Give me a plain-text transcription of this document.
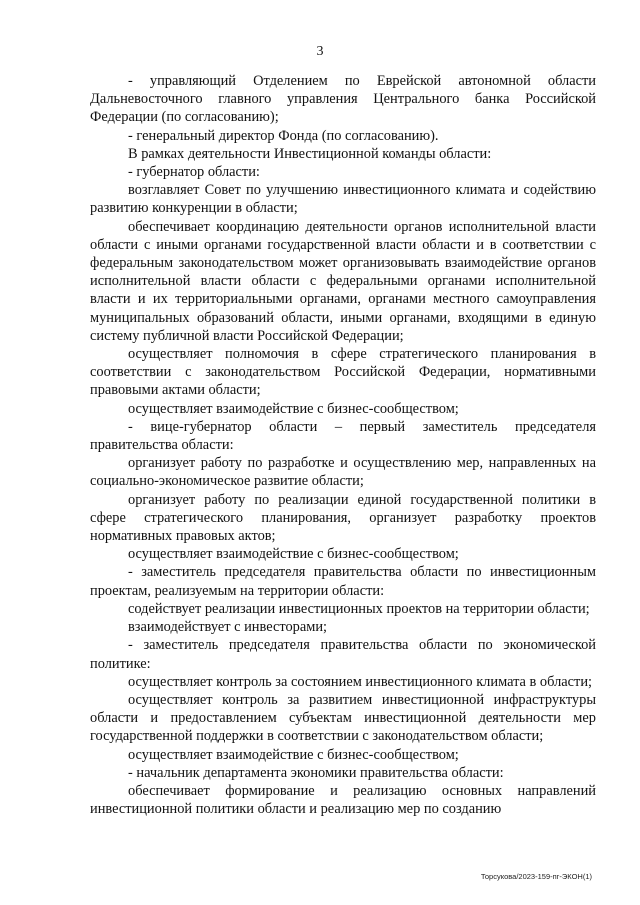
3

- управляющий Отделением по Еврейской автономной области Дальневосточного главного управления Центрального банка Российской Федерации (по согласованию);

- генеральный директор Фонда (по согласованию).

В рамках деятельности Инвестиционной команды области:

- губернатор области:

возглавляет Совет по улучшению инвестиционного климата и содействию развитию конкуренции в области;

обеспечивает координацию деятельности органов исполнительной власти области с иными органами государственной власти области и в соответствии с федеральным законодательством может организовывать взаимодействие органов исполнительной власти области с федеральными органами исполнительной власти и их территориальными органами, органами местного самоуправления муниципальных образований области, иными органами, входящими в единую систему публичной власти Российской Федерации;

осуществляет полномочия в сфере стратегического планирования в соответствии с законодательством Российской Федерации, нормативными правовыми актами области;

осуществляет взаимодействие с бизнес-сообществом;

- вице-губернатор области – первый заместитель председателя правительства области:

организует работу по разработке и осуществлению мер, направленных на социально-экономическое развитие области;

организует работу по реализации единой государственной политики в сфере стратегического планирования, организует разработку проектов нормативных правовых актов;

осуществляет взаимодействие с бизнес-сообществом;

- заместитель председателя правительства области по инвестиционным проектам, реализуемым на территории области:

содействует реализации инвестиционных проектов на территории области;

взаимодействует с инвесторами;

- заместитель председателя правительства области по экономической политике:

осуществляет контроль за состоянием инвестиционного климата в области;

осуществляет контроль за развитием инвестиционной инфраструктуры области и предоставлением субъектам инвестиционной деятельности мер государственной поддержки в соответствии с законодательством области;

осуществляет взаимодействие с бизнес-сообществом;

- начальник департамента экономики правительства области:

обеспечивает формирование и реализацию основных направлений инвестиционной политики области и реализацию мер по созданию

Торсукова/2023-159-пг-ЭКОН(1)
